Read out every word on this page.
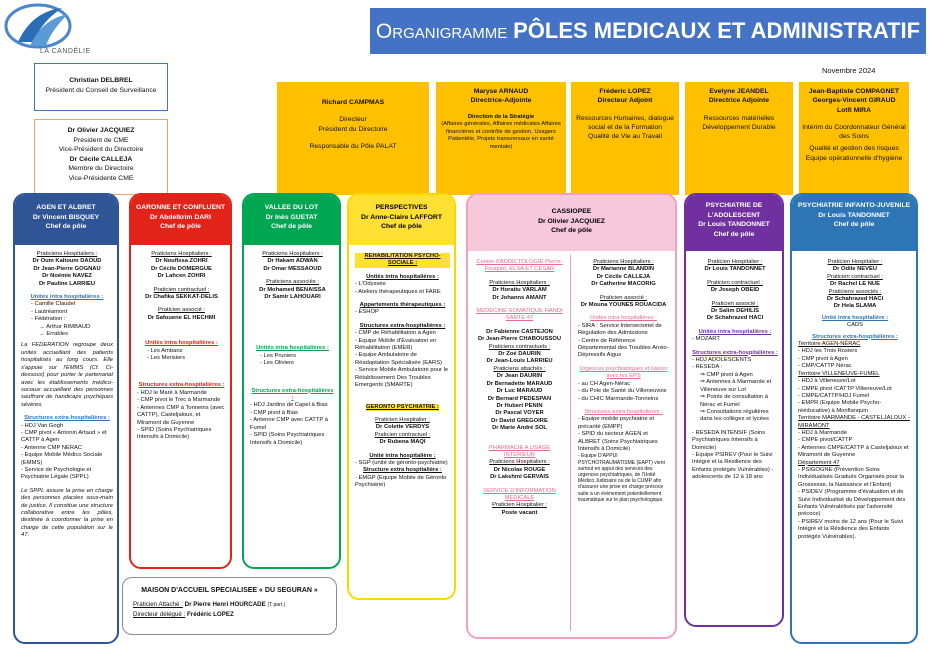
LA CANDÉLIE
Organigramme PÔLES MEDICAUX ET ADMINISTRATIF
Novembre 2024
Christian DELBREL
Président du Conseil de Surveillance
Dr Olivier JACQUIEZ
Président de CME
Vice-Président du Directoire
Dr Cécile CALLEJA
Membre du Directoire
Vice-Présidente CME

Richard CAMPMAS

Directeur

Président du Directoire

Responsable du Pôle PALAT

Maryse ARNAUD

Directrice-Adjointe

Direction de la Stratégie

(Affaires générales, Affaires médicales Affaires financières et contrôle de gestion, Usagers Patientèle, Projets transversaux en santé mentale)

Fréderic LOPEZ

Directeur Adjoint

Ressources Humaines, dialogue social et de la Formation

Qualité de Vie au Travail

Evelyne JEANDEL

Directrice Adjointe

Ressources matérielles

Développement Durable

Jean-Baptiste COMPAGNET

Georges-Vincent GIRAUD

Lotfi MIRA

Intérim du Coordonnateur Général des Soins

Qualité et gestion des risques

Equipe opérationnelle d'hygiène

AGEN ET ALBRET
Dr Vincent BISQUEY
Chef de pôle
Praticiens Hospitaliers :
Dr Oum Kaltoum DAOUD
Dr Jean-Pierre GOGNAU
Dr Noémie NAVEZ
Dr Pauline LARRIEU
Unités intra hospitalières :
- Camille Claudel
- Lautréamont
- Fédération :
→ Arthur RIMBAUD
→ Errables
La FEDERATION regroupe deux unités accueillant des patients hospitalisés au long cours. Elle s'appuie sur l'EMMS (Cf. Ci-dessous) pour porter le partenariat avec les établissements médico-sociaux accueillant des personnes souffrant de handicaps psychiques sévères.
Structures extra-hospitalières :
- HDJ Van Gogh
- CMP pivot « Antonin Artaud » et CATTP à Agen
- Antenne CMP NERAC
- Equipe Mobile Médico Sociale (EMMS)
- Service de Psychologie et Psychiatrie Légale (SPPL)
Le SPPL assure la prise en charge des personnes placées sous-main de justice. Il constitue une structure collaborative entre les pôles, destinée à coordonner la prise en charge de cette population sur le 47.
GARONNE ET CONFLUENT
Dr Abdelkrim DARI
Chef de pôle
Praticiens Hospitaliers :
Dr Nouflssa ZOHRI
Dr Cécile DOMERGUE
Dr Lahcen ZOHRI
Praticien contractuel :
Dr Chafika SEKKAT-DELIS
Praticien associé :
Dr Safouene EL HECHMI
Unités intra hospitalières :
- Les Ambans
- Les Merisiers
Structures extra-hospitalières :
- HDJ le Maré à Marmande
- CMP pivot le Trec à Marmande
- Antennes CMP à Tonneins (avec CATTP), Casteljaloux, et Miramont de Guyenne
- SPID (Soins Psychiatriques Intensifs à Domicile)
VALLEE DU LOT
Dr Inès GUETAT
Chef de pôle
Praticiens Hospitaliers :
Dr Hakam ADWAN
Dr Omar MESSAOUD
Praticiens associés :
Dr Mohamed BENAISSA
Dr Samir LAHOUARI
Unités intra hospitalières :
- Les Pruniers
- Les Oliviers
Structures extra-hospitalières :
- HDJ Jardins de Capel à Bias
- CMP pivot à Bias
- Antenne CMP avec CATTP à Fumel
- SPID (Soins Psychiatriques Intensifs à Domicile)
PERSPECTIVES
Dr Anne-Claire LAFFORT
Chef de pôle
REHABILITATION PSYCHO-SOCIALE :
Unités intra hospitalières :
- L'Odyssée
- Ateliers thérapeutiques et FARE
Appartements thérapeutiques :
- ESHOP
Structures extra-hospitalières :
- CMP de Réhabilitation à Agen
- Equipe Mobile d'Evaluation en Réhabilitation (EMER)
- Equipe Ambulatoire de Réadaptation Spécialisée (EARS)
- Service Mobile Ambulatoire pour le Rétablissement Des Troubles Emergents (SMARTE)
GERONTO PSYCHIATRIE :
Praticien Hospitalier :
Dr Colette VERDYS
Praticien contractuel :
Dr Rubena MAQI
Unité intra hospitalière :
- SGP (unité de géronto-psychiatrie)
Structure extra hospitalière :
- EMGP (Equipe Mobile de Géronto Psychiatrie)
CASSIOPEE
Dr Olivier JACQUIEZ
Chef de pôle
Centre d'ADDICTOLOGIE Pierre-Fouquet, ELSA ET CESAR
Praticiens Hospitaliers :
Dr Horatiu VARLAM
Dr Johanns AMANT
MEDECINE SOMATIQUE HANDI SANTE 47
Dr Fabienne CASTEJON
Dr Jean-Pierre CHABOUSSOU
Praticiens contractuels :
Dr Zoé DAURIN
Dr Jean-Louis LARRIEU
Praticiens attachés :
Dr Jean DAURIN
Dr Bernadette MARAUD
Dr Luc MARAUD
Dr Bernard PEDESPAN
Dr Hubert PENIN
Dr Pascal VOYER
Dr David GREGOIRE
Dr Marie André SOL
PHARMACIE A USAGE INTERIEUR
Praticiens Hospitaliers :
Dr Nicolas ROUGE
Dr Lakshmi GERVAIS
SERVICE D'INFORMATION MEDICALE
Praticien Hospitalier :
Poste vacant
Praticiens Hospitaliers :
Dr Marianne BLANDIN
Dr Cécile CALLEJA
Dr Catherine MACORIG
Praticien associé :
Dr Mouna YOUNES ROUACIDA
Unités intra hospitalières :
- SIRA : Service Intersectoriel de Régulation des Admissions
- Centre de Référence Départemental des Troubles Anxio-Dépressifs Aigus
Urgences psychiatriques et liaison avec les EPS
- au CH Agen-Nérac
- du Pole de Santé du Villeneuvois
- du CHIC Marmande-Tonneins
Structures extra-hospitalières :
- Equipe mobile psychiatrie et précarité (EMPP)
- SPID du secteur AGEN et ALBRET (Soins Psychiatriques Intensifs à Domicile)
- Equipe D'APPUI PSYCHOTRAUMATISME (EAPT) vient surtout en appui des services des urgences psychiatriques, de l'Unité Médico Judiciaire ou de la CUMP afin d'assurer une prise en charge précoce suite à un évènement potentiellement traumatique sur le plan psychologique.
PSYCHIATRIE DE L'ADOLESCENT
Dr Louis TANDONNET
Chef de pôle
Praticien Hospitalier :
Dr Louis TANDONNET
Praticien contractuel :
Dr Joseph OBEID
Praticien associé :
Dr Salim DEHILIS
Dr Schahrazed HACI
Unités intra hospitalières :
- MOZART
Structures extra-hospitalières :
- HDJ ADOLESCENTS
- RESEDA :
⇒ CMP pivot à Agen
⇒ Antennes à Marmande et Villeneuve sur Lot
⇒ Points de consultation à Nérac et Fumel
⇒ Consultations régulières dans les collèges et lycées
- RESEDA INTENSIF (Soins Psychiatriques Intensifs à Domicile)
- Equipe PSIREV (Pour le Suivi Intégré et la Résilience des Enfants protégés Vulnérables) - adolescents de 12 à 18 ans
PSYCHIATRIE INFANTO-JUVENILE
Dr Louis TANDONNET
Chef de pôle
Praticien Hospitalier :
Dr Odile NEVEU
Praticien contractuel :
Dr Rachel LE NUE
Praticiens associés :
Dr Schahrazed HACI
Dr Hela SLAMA
Unité intra hospitalière :
CADS
Structures extra-hospitalières :
Territoire AGEN-NÉRAC
- HDJ les Trois Rosiers
- CMP pivot à Agen
- CMP/CATTP Nérac
Territoire VILLENEUVE-FUMEL
- HDJ à Villeneuve/Lot
- CMPE pivot /CATTP Villeneuve/Lot
- CMPE/CATTP/HDJ Fumel
- EMPR (Equipe Mobile Psycho-rééducative) à Monflanquin
Territoire MARMANDE - CASTELJALOUX - MIRAMONT
- HDJ à Marmande
- CMPE pivot/CATTP
- Antennes CMPE/CATTP à Casteljaloux et Miramont de Guyenne
Département 47
- PSIGOGNE (Prévention Soins Individualisés Gradués Organisés pour la Grossesse, la Naissance et l'Enfant)
- PSIDEV (Programme d'évaluation et de Suivi Individualisé du Développement des Enfants Vulnérabilisés par l'adversité précoce)
- PSIREV moins de 12 ans (Pour le Suivi Intégré et la Résilience des Enfants protégés Vulnérables).
MAISON D'ACCUEIL SPECIALISEE « DU SEGURAN »
Praticien Attaché : Dr Pierre Henri HOURCADE (T part.)
Directeur délégué : Frédéric LOPEZ
